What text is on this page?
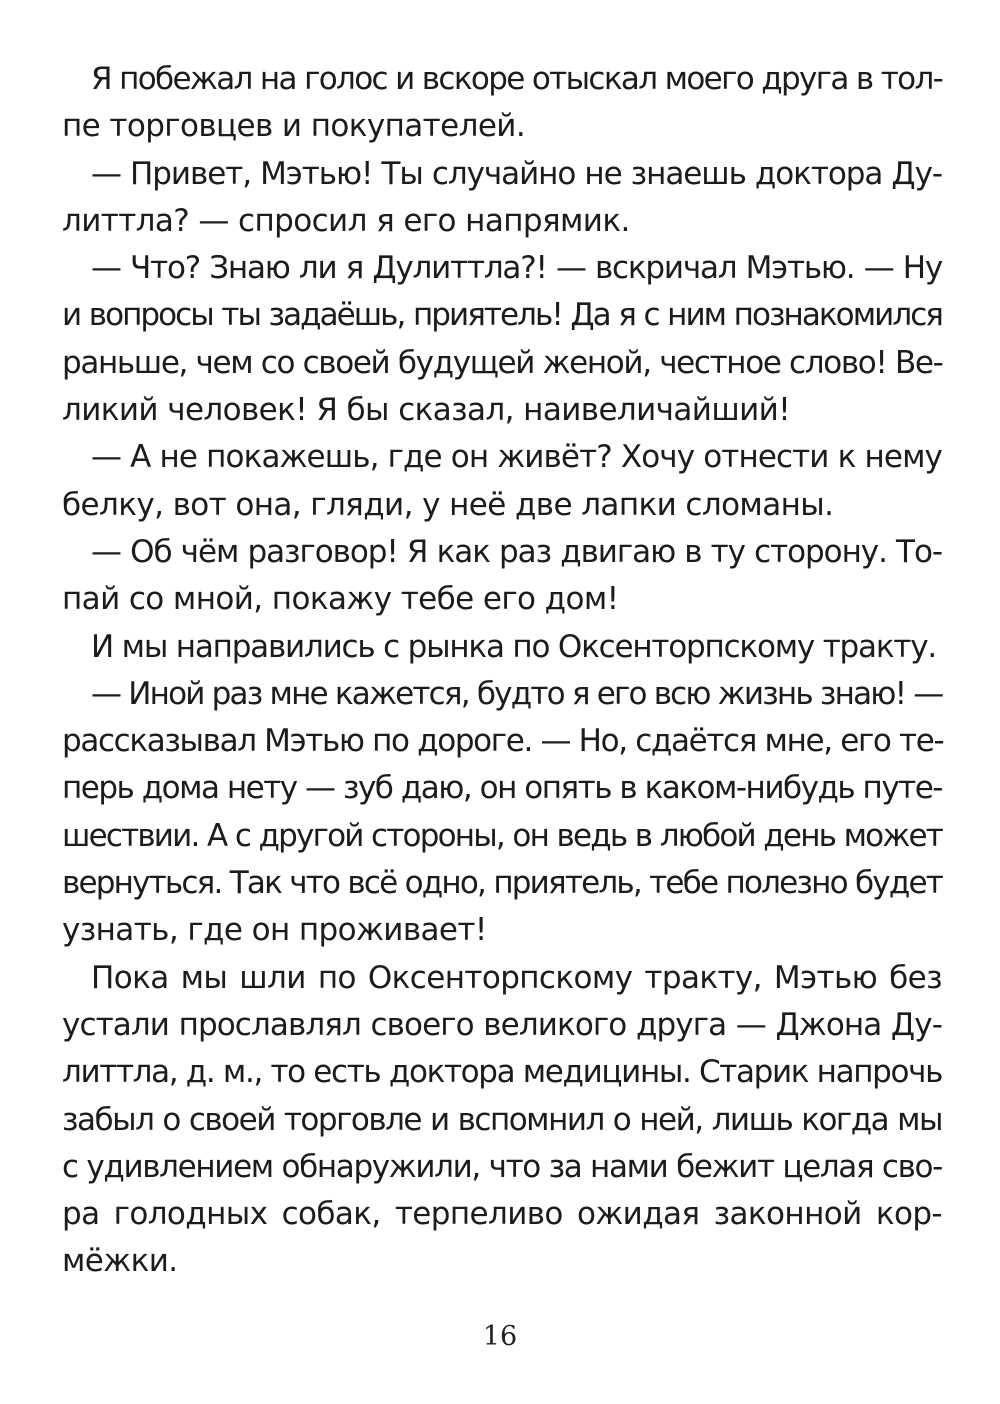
Я побежал на голос и вскоре отыскал моего друга в тол-
пе торговцев и покупателей.
— Привет, Мэтью! Ты случайно не знаешь доктора Ду-
литтла? — спросил я его напрямик.
— Что? Знаю ли я Дулиттла?! — вскричал Мэтью. — Ну
и вопросы ты задаёшь, приятель! Да я с ним познакомился
раньше, чем со своей будущей женой, честное слово! Ве-
ликий человек! Я бы сказал, наивеличайший!
— А не покажешь, где он живёт? Хочу отнести к нему
белку, вот она, гляди, у неё две лапки сломаны.
— Об чём разговор! Я как раз двигаю в ту сторону. То-
пай со мной, покажу тебе его дом!
И мы направились с рынка по Оксенторпскому тракту.
— Иной раз мне кажется, будто я его всю жизнь знаю! —
рассказывал Мэтью по дороге. — Но, сдаётся мне, его те-
перь дома нету — зуб даю, он опять в каком-нибудь путе-
шествии. А с другой стороны, он ведь в любой день может
вернуться. Так что всё одно, приятель, тебе полезно будет
узнать, где он проживает!
Пока мы шли по Оксенторпскому тракту, Мэтью без
устали прославлял своего великого друга — Джона Ду-
литтла, д. м., то есть доктора медицины. Старик напрочь
забыл о своей торговле и вспомнил о ней, лишь когда мы
с удивлением обнаружили, что за нами бежит целая сво-
ра голодных собак, терпеливо ожидая законной кор-
мёжки.
16
